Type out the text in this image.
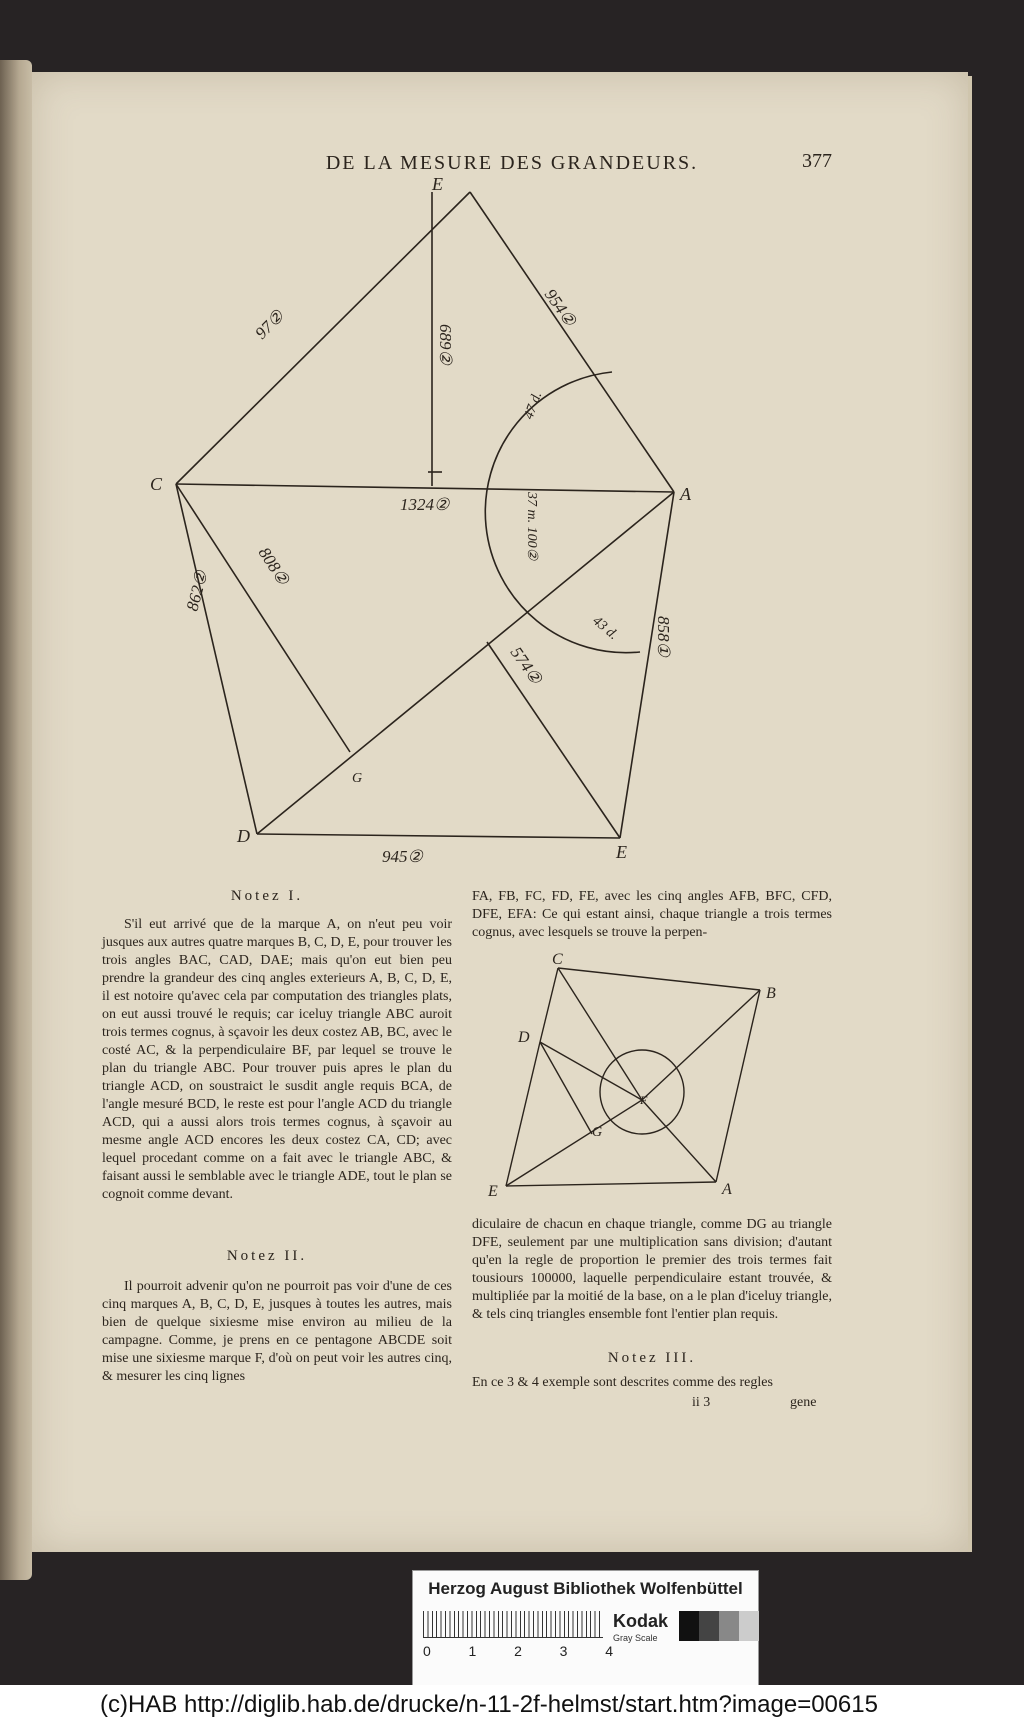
DE LA MESURE DES GRANDEURS.	377
E
A
C
D
E
G
97②	954②
689②
1324②
47 d.
37 m. 100②
43 d.
862②
808②
858①
574②
945②
C
B
D
F
G
E	A
Notez I.

S'il eut arrivé que de la marque A, on n'eut peu voir jusques aux autres quatre marques B, C, D, E, pour trouver les trois angles BAC, CAD, DAE; mais qu'on eut bien peu prendre la grandeur des cinq angles exterieurs A, B, C, D, E, il est notoire qu'avec cela par computation des triangles plats, on eut aussi trouvé le requis; car iceluy triangle ABC auroit trois termes cognus, à sçavoir les deux costez AB, BC, avec le costé AC, & la perpendiculaire BF, par lequel se trouve le plan du triangle ABC. Pour trouver puis apres le plan du triangle ACD, on soustraict le susdit angle requis BCA, de l'angle mesuré BCD, le reste est pour l'angle ACD du triangle ACD, qui a aussi alors trois termes cognus, à sçavoir au mesme angle ACD encores les deux costez CA, CD; avec lequel procedant comme on a fait avec le triangle ABC, & faisant aussi le semblable avec le triangle ADE, tout le plan se cognoit comme devant.

Notez II.

Il pourroit advenir qu'on ne pourroit pas voir d'une de ces cinq marques A, B, C, D, E, jusques à toutes les autres, mais bien de quelque sixiesme mise environ au milieu de la campagne. Comme, je prens en ce pentagone ABCDE soit mise une sixiesme marque F, d'où on peut voir les autres cinq, & mesurer les cinq lignes

FA, FB, FC, FD, FE, avec les cinq angles AFB, BFC, CFD, DFE, EFA: Ce qui estant ainsi, chaque triangle a trois termes cognus, avec lesquels se trouve la perpen-

diculaire de chacun en chaque triangle, comme DG au triangle DFE, seulement par une multiplication sans division; d'autant qu'en la regle de proportion le premier des trois termes fait tousiours 100000, laquelle perpendiculaire estant trouvée, & multipliée par la moitié de la base, on a le plan d'iceluy triangle, & tels cinq triangles ensemble font l'entier plan requis.

Notez III.

En ce 3 & 4 exemple sont descrites comme des regles

ii 3	gene
Herzog August Bibliothek Wolfenbüttel
0	1	2	3	4
Kodak
Gray Scale
(c)HAB http://diglib.hab.de/drucke/n-11-2f-helmst/start.htm?image=00615
